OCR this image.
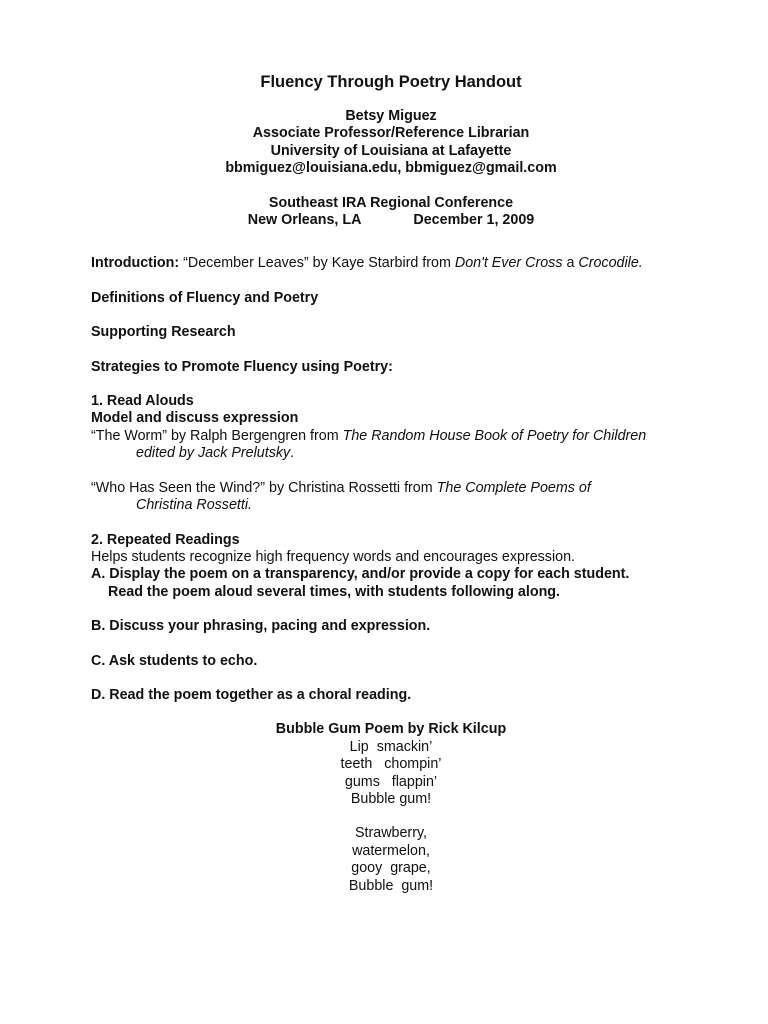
Fluency Through Poetry Handout
Betsy Miguez
Associate Professor/Reference Librarian
University of Louisiana at Lafayette
bbmiguez@louisiana.edu, bbmiguez@gmail.com
Southeast IRA Regional Conference
New Orleans, LA	December 1, 2009
Introduction: “December Leaves” by Kaye Starbird from Don't Ever Cross a Crocodile.
Definitions of Fluency and Poetry
Supporting Research
Strategies to Promote Fluency using Poetry:
1. Read Alouds
Model and discuss expression
“The Worm” by Ralph Bergengren from The Random House Book of Poetry for Children
edited by Jack Prelutsky.
“Who Has Seen the Wind?” by Christina Rossetti from The Complete Poems of
Christina Rossetti.
2. Repeated Readings
Helps students recognize high frequency words and encourages expression.
A. Display the poem on a transparency, and/or provide a copy for each student.
Read the poem aloud several times, with students following along.
B. Discuss your phrasing, pacing and expression.
C. Ask students to echo.
D. Read the poem together as a choral reading.
Bubble Gum Poem by Rick Kilcup
Lip  smackin’
teeth   chompin’
gums   flappin’
Bubble gum!
Strawberry,
watermelon,
gooy  grape,
Bubble  gum!
